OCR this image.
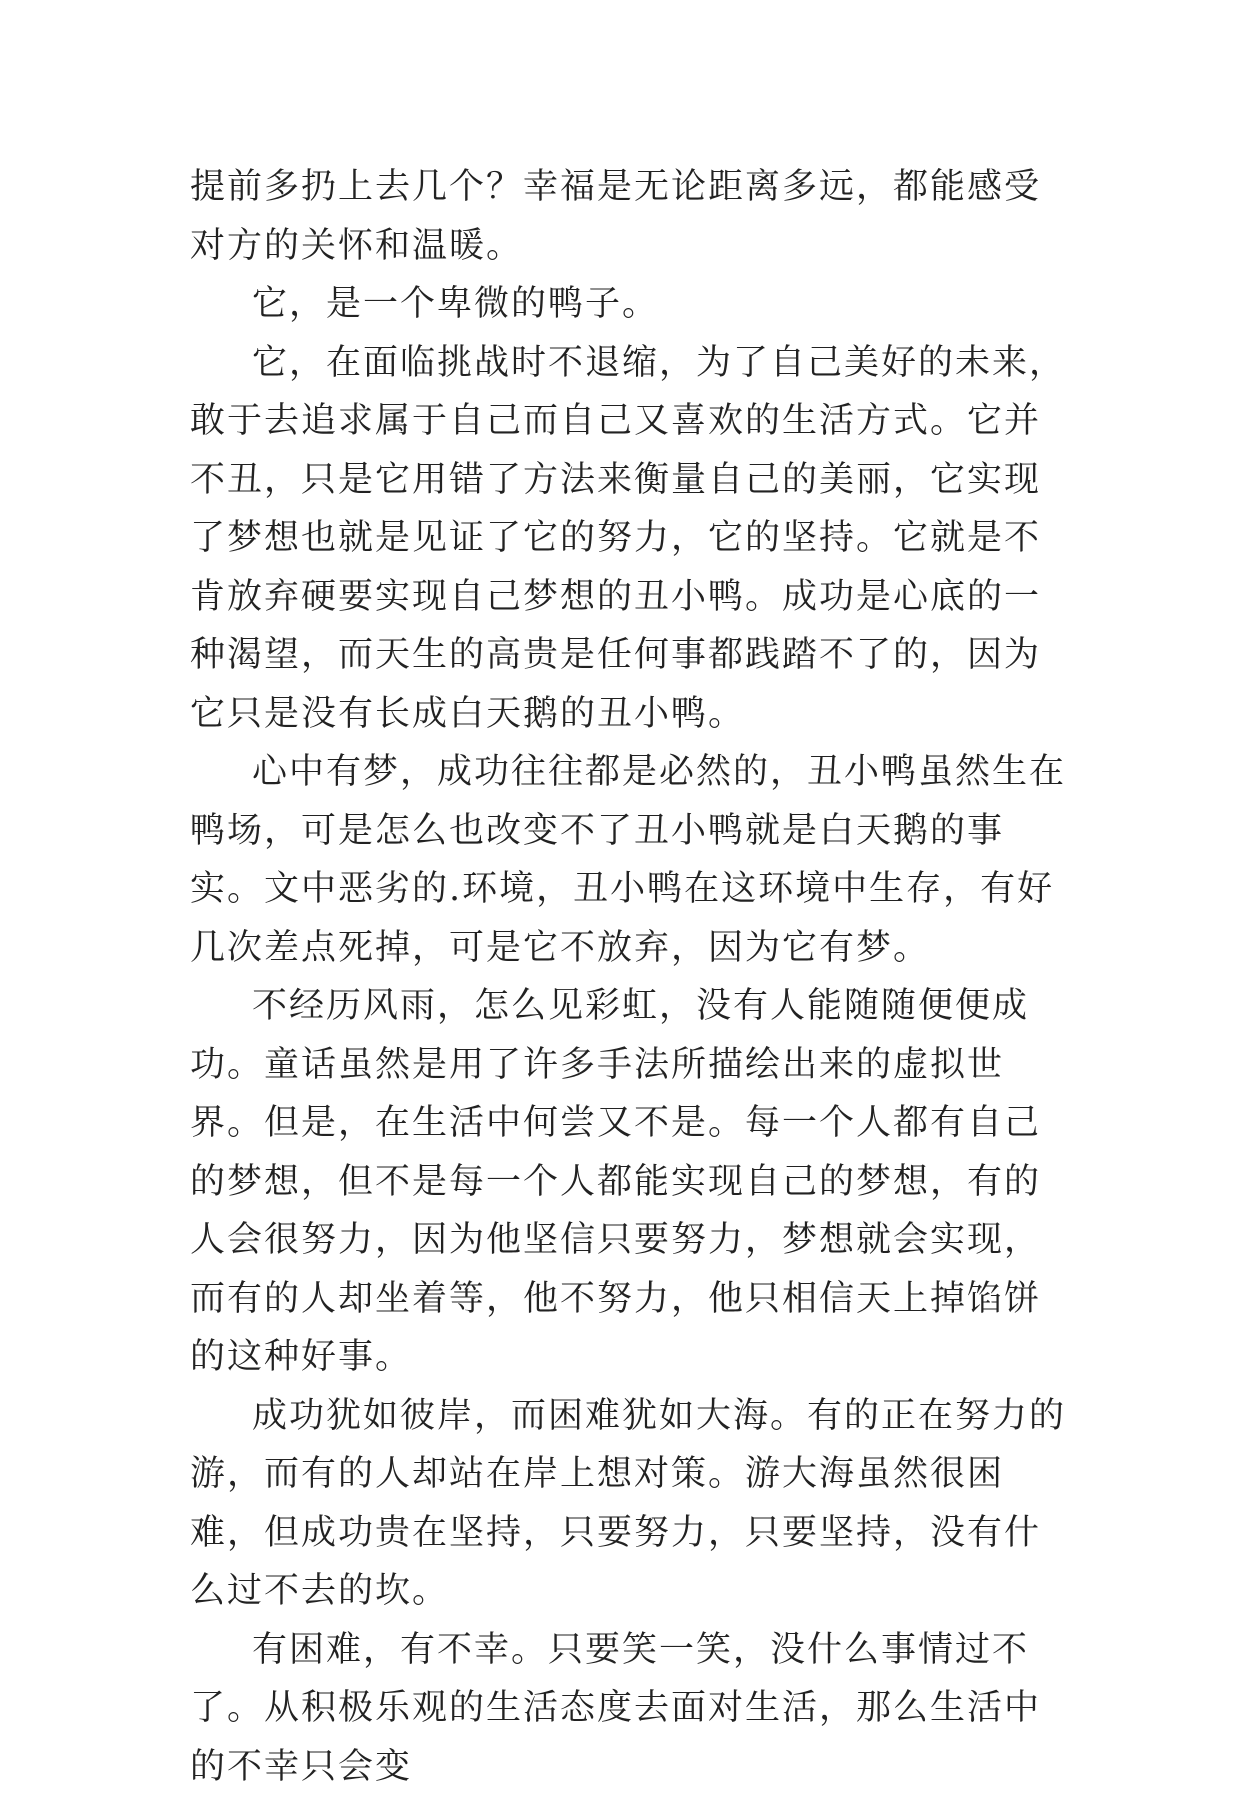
提前多扔上去几个？幸福是无论距离多远，都能感受对方的关怀和温暖。

它，是一个卑微的鸭子。

它，在面临挑战时不退缩，为了自己美好的未来，敢于去追求属于自己而自己又喜欢的生活方式。它并不丑，只是它用错了方法来衡量自己的美丽，它实现了梦想也就是见证了它的努力，它的坚持。它就是不肯放弃硬要实现自己梦想的丑小鸭。成功是心底的一种渴望，而天生的高贵是任何事都践踏不了的，因为它只是没有长成白天鹅的丑小鸭。

心中有梦，成功往往都是必然的，丑小鸭虽然生在鸭场，可是怎么也改变不了丑小鸭就是白天鹅的事实。文中恶劣的.环境，丑小鸭在这环境中生存，有好几次差点死掉，可是它不放弃，因为它有梦。

不经历风雨，怎么见彩虹，没有人能随随便便成功。童话虽然是用了许多手法所描绘出来的虚拟世界。但是，在生活中何尝又不是。每一个人都有自己的梦想，但不是每一个人都能实现自己的梦想，有的人会很努力，因为他坚信只要努力，梦想就会实现，而有的人却坐着等，他不努力，他只相信天上掉馅饼的这种好事。

成功犹如彼岸，而困难犹如大海。有的正在努力的游，而有的人却站在岸上想对策。游大海虽然很困难，但成功贵在坚持，只要努力，只要坚持，没有什么过不去的坎。

有困难，有不幸。只要笑一笑，没什么事情过不了。从积极乐观的生活态度去面对生活，那么生活中的不幸只会变
